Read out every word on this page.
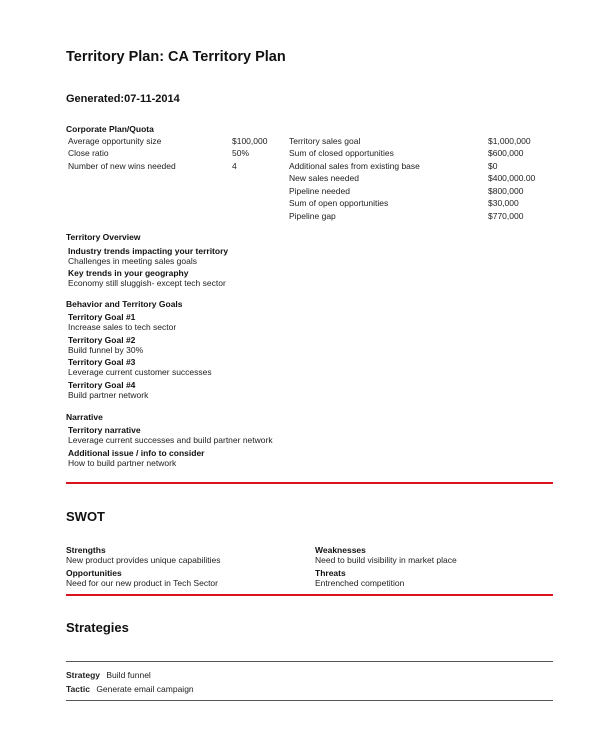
Territory Plan: CA Territory Plan
Generated:07-11-2014
Corporate Plan/Quota
Average opportunity size	$100,000
Close ratio	50%
Number of new wins needed	4
Territory sales goal	$1,000,000
Sum of closed opportunities	$600,000
Additional sales from existing base	$0
New sales needed	$400,000.00
Pipeline needed	$800,000
Sum of open opportunities	$30,000
Pipeline gap	$770,000
Territory Overview
Industry trends impacting your territory
Challenges in meeting sales goals
Key trends in your geography
Economy still sluggish- except tech sector
Behavior and Territory Goals
Territory Goal #1
Increase sales to tech sector
Territory Goal #2
Build funnel by 30%
Territory Goal #3
Leverage current customer successes
Territory Goal #4
Build partner network
Narrative
Territory narrative
Leverage current successes and build partner network
Additional issue / info to consider
How to build partner network
SWOT
Strengths
New product provides unique capabilities
Opportunities
Need for our new product in Tech Sector
Weaknesses
Need to build visibility in market place
Threats
Entrenched competition
Strategies
Strategy Build funnel
Tactic Generate email campaign
